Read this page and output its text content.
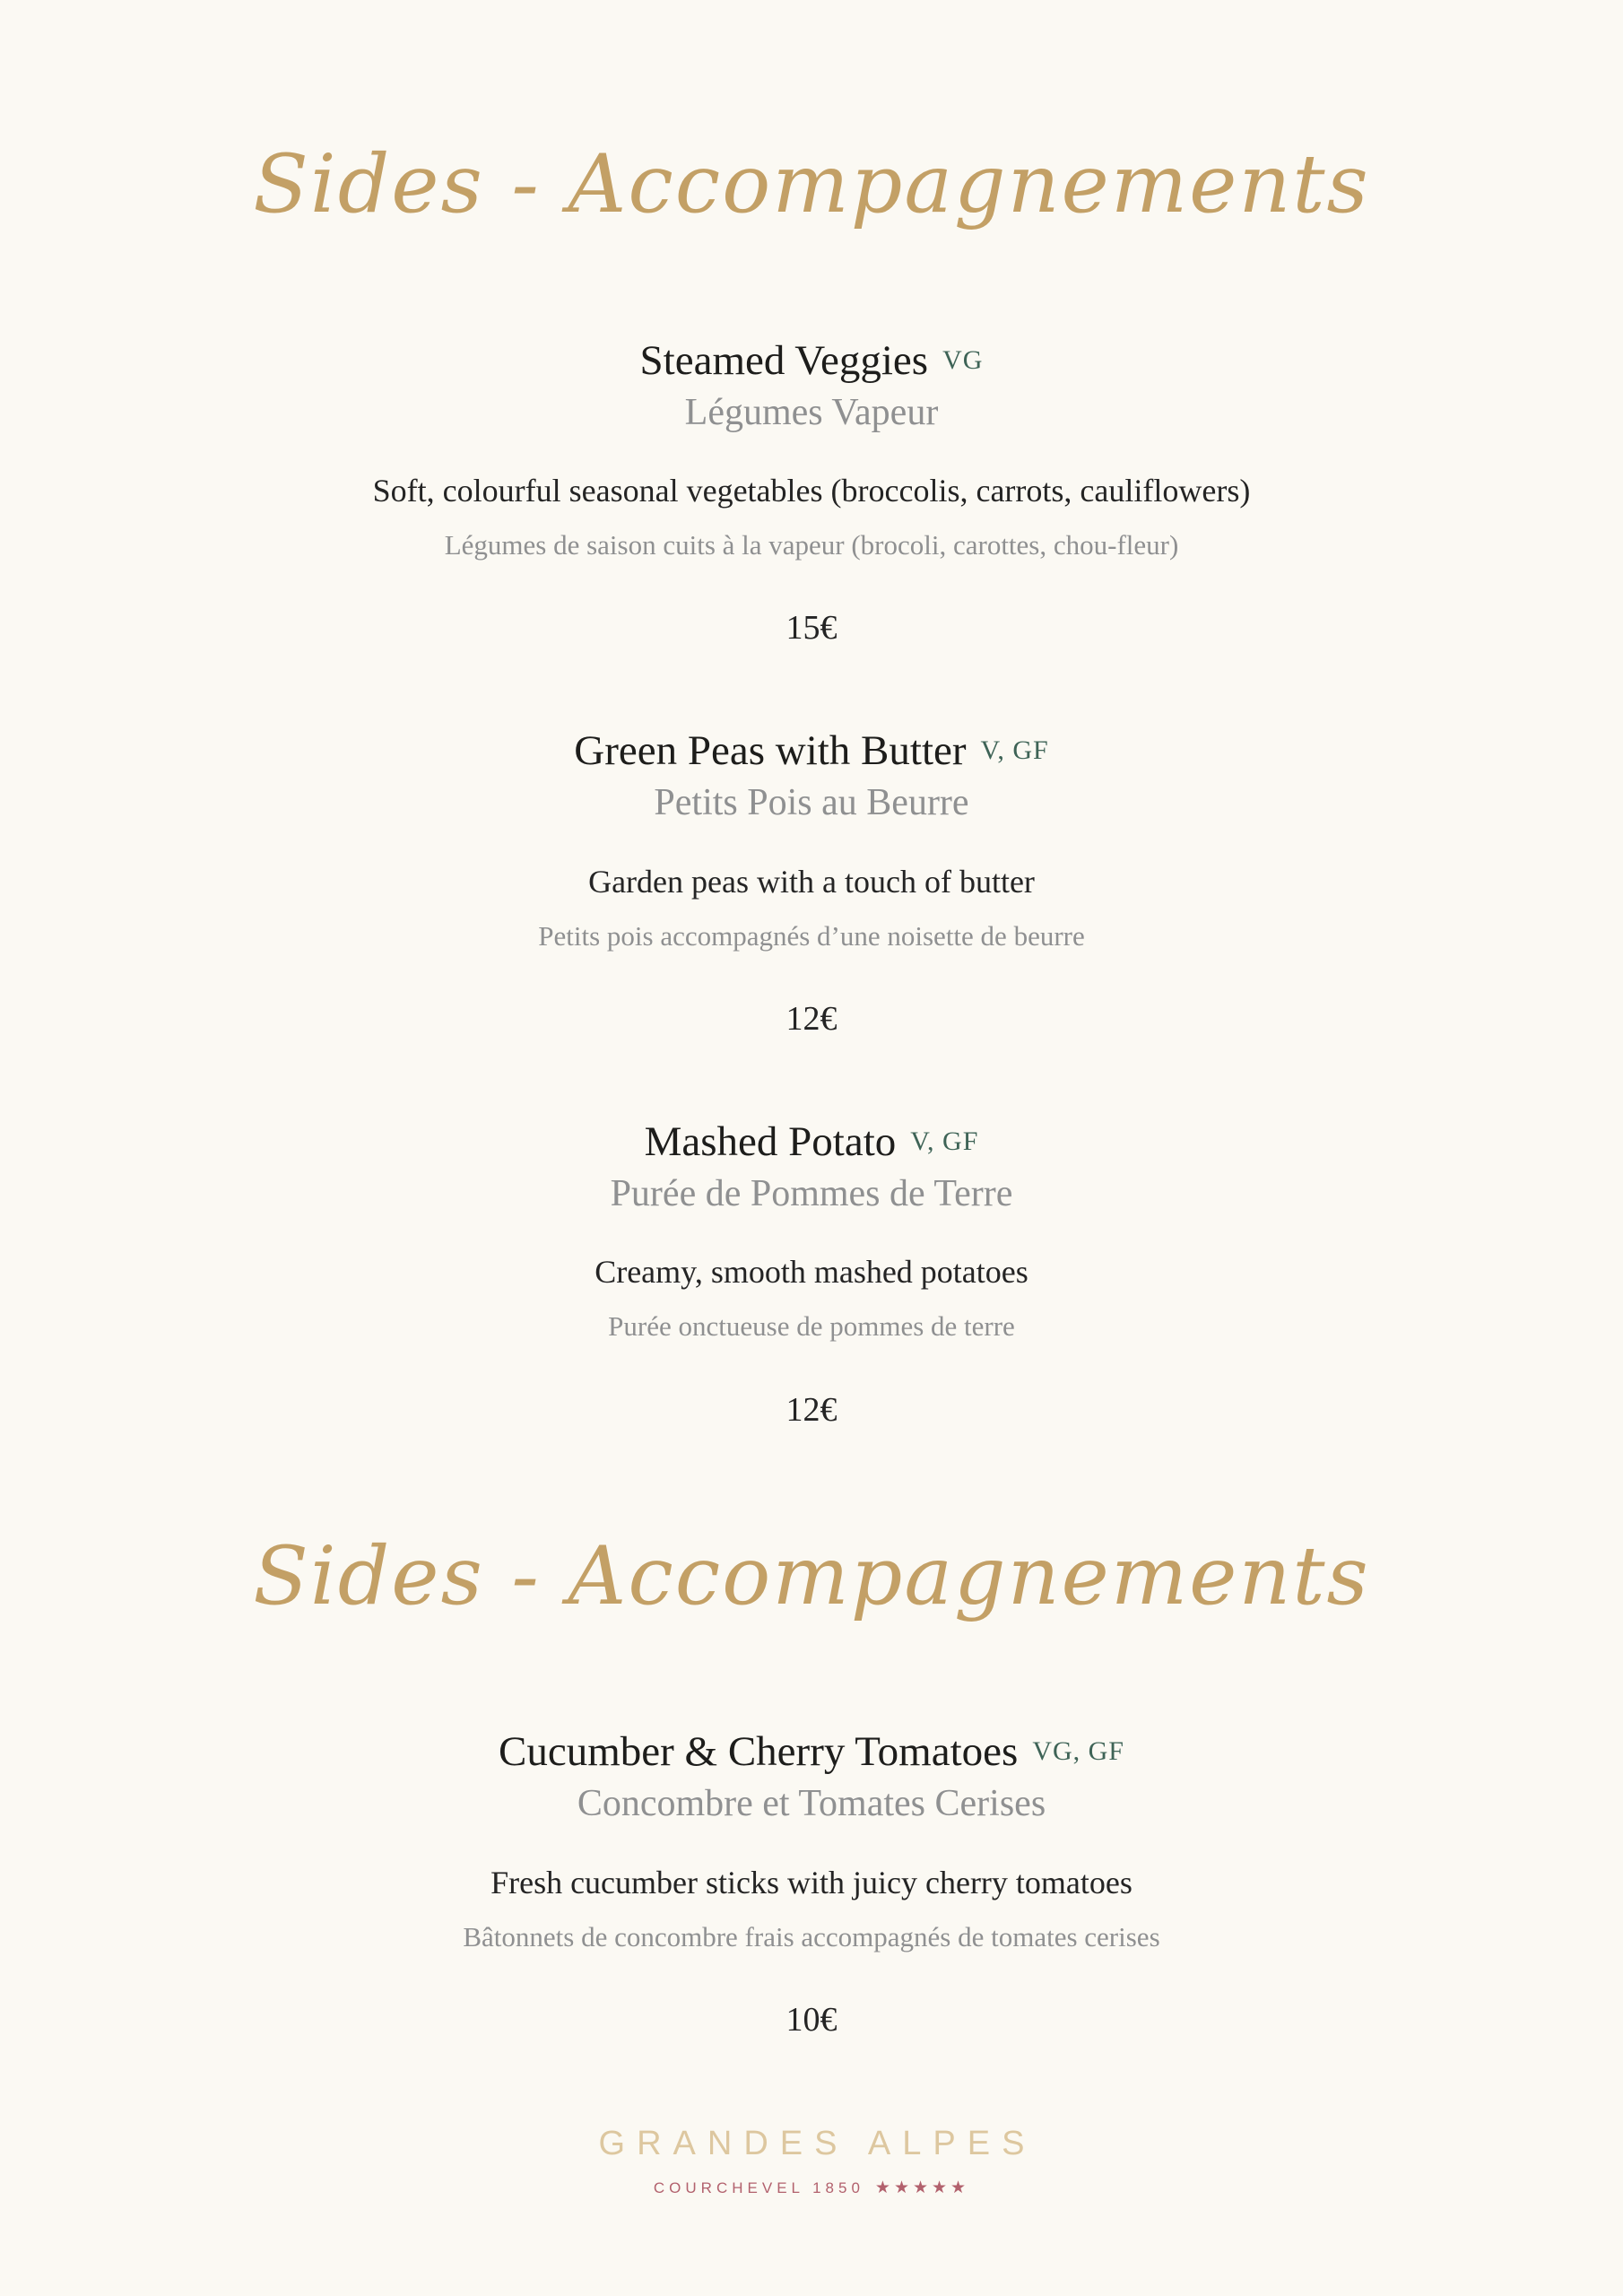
Sides - Accompagnements
Steamed Veggies VG
Légumes Vapeur

Soft, colourful seasonal vegetables (broccolis, carrots, cauliflowers)

Légumes de saison cuits à la vapeur (brocoli, carottes, chou-fleur)

15€
Green Peas with Butter V, GF
Petits Pois au Beurre

Garden peas with a touch of butter

Petits pois accompagnés d’une noisette de beurre

12€
Mashed Potato V, GF
Purée de Pommes de Terre

Creamy, smooth mashed potatoes

Purée onctueuse de pommes de terre

12€
Sides - Accompagnements
Cucumber & Cherry Tomatoes VG, GF
Concombre et Tomates Cerises

Fresh cucumber sticks with juicy cherry tomatoes

Bâtonnets de concombre frais accompagnés de tomates cerises

10€
GRANDES ALPES
COURCHEVEL 1850 ★★★★★
